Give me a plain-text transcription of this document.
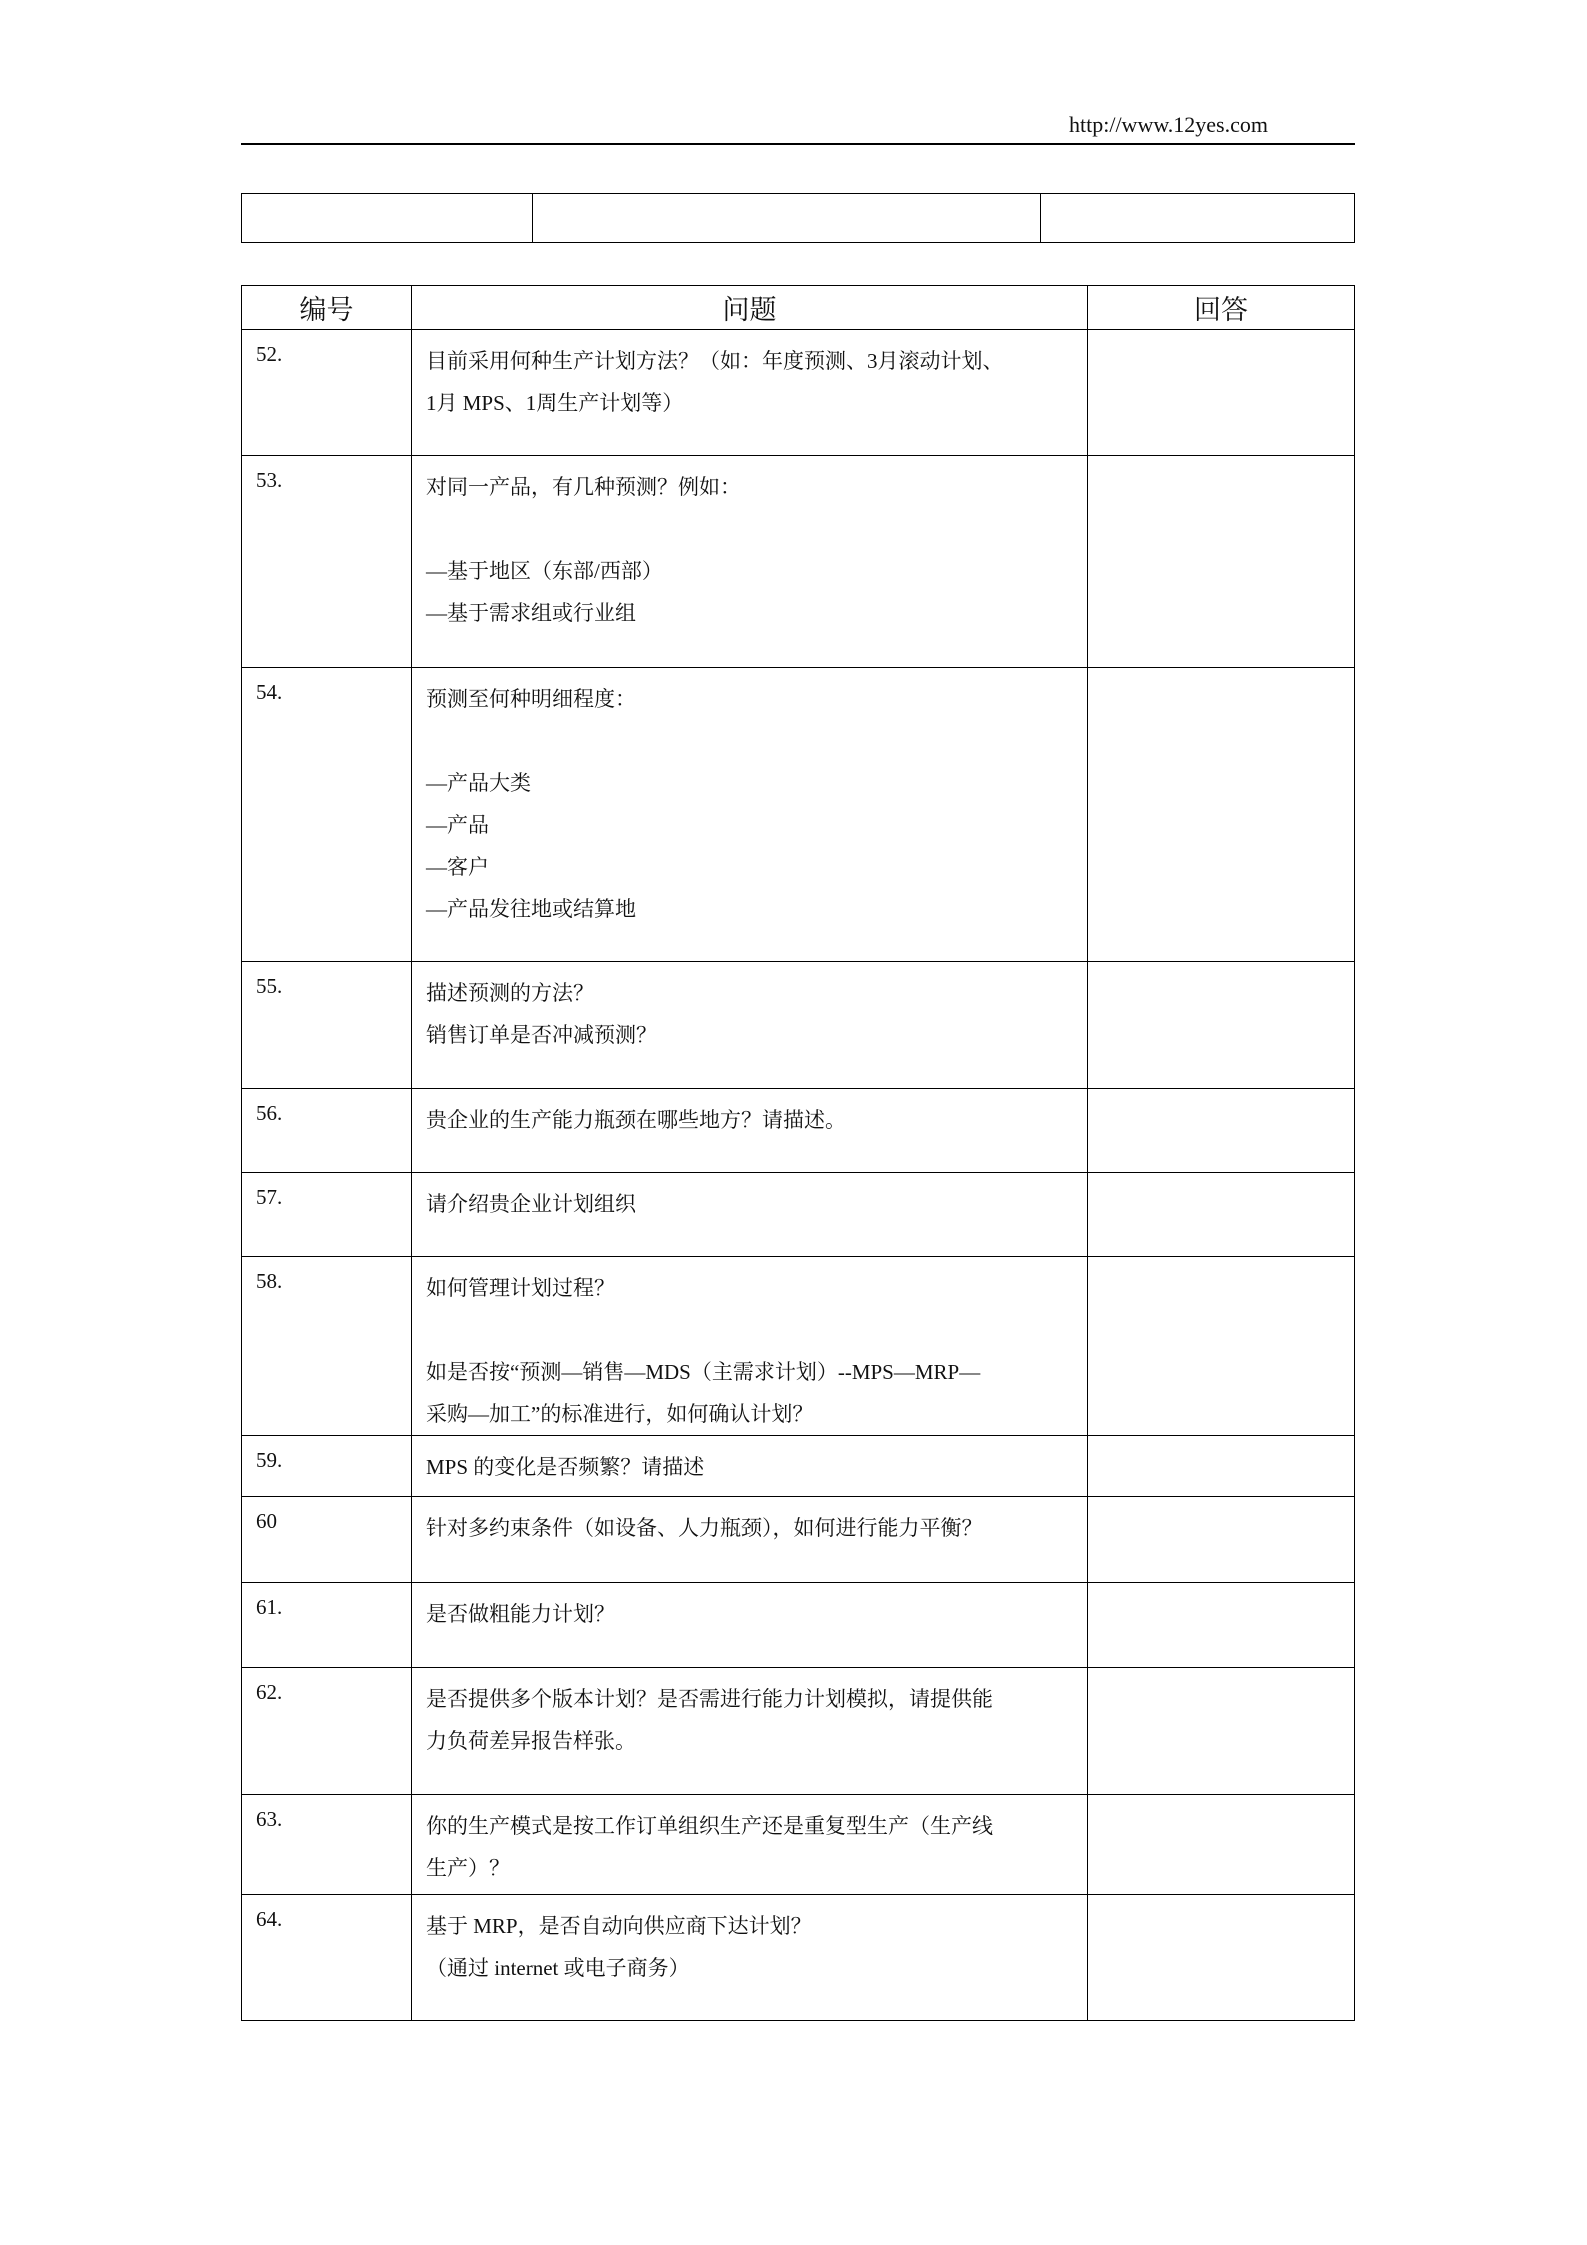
http://www.12yes.com

编号	问题	回答
52.	目前采用何种生产计划方法？（如：年度预测、3月滚动计划、
1月 MPS、1周生产计划等）	

53.	对同一产品，有几种预测？例如：
—基于地区（东部/西部）
—基于需求组或行业组	

54.	预测至何种明细程度：
—产品大类
—产品
—客户
—产品发往地或结算地	

55.	描述预测的方法？
销售订单是否冲减预测？	

56.	贵企业的生产能力瓶颈在哪些地方？请描述。	

57.	请介绍贵企业计划组织	

58.	如何管理计划过程？
如是否按“预测—销售—MDS（主需求计划）--MPS—MRP—
采购—加工”的标准进行，如何确认计划？	

59.	MPS 的变化是否频繁？请描述	

60	针对多约束条件（如设备、人力瓶颈），如何进行能力平衡？	

61.	是否做粗能力计划？	

62.	是否提供多个版本计划？是否需进行能力计划模拟，请提供能
力负荷差异报告样张。	

63.	你的生产模式是按工作订单组织生产还是重复型生产（生产线
生产）？	

64.	基于 MRP，是否自动向供应商下达计划？
（通过 internet 或电子商务）	
